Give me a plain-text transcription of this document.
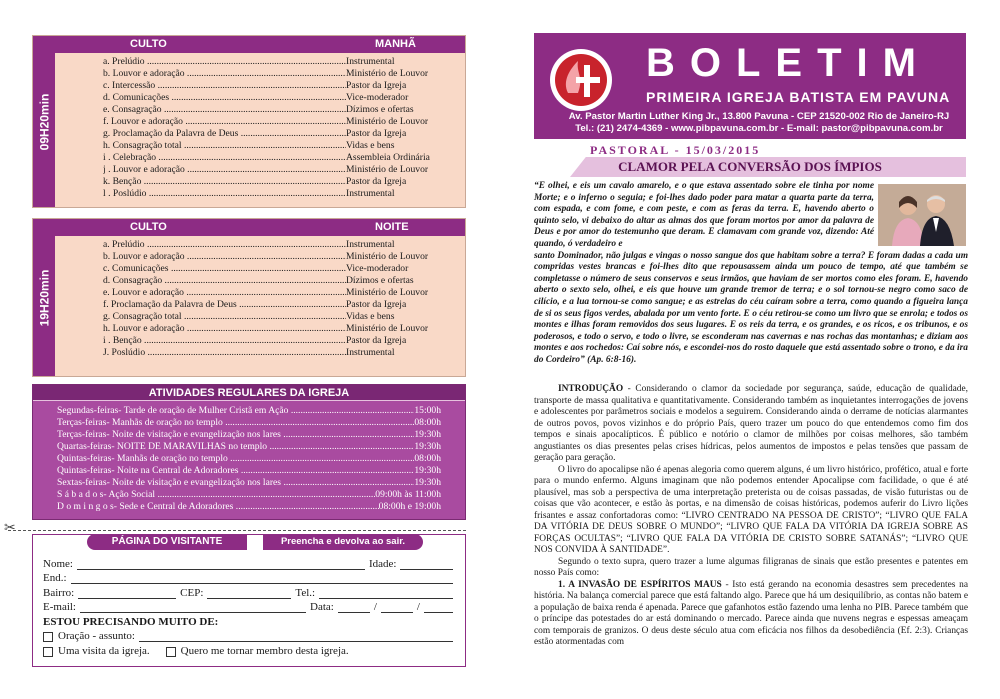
09H20min
CULTO	MANHÃ
a. Prelúdio .....	Instrumental
b. Louvor e adoração .....	Ministério de Louvor
c. Intercessão .....	Pastor da Igreja
d. Comunicações .....	Vice-moderador
e. Consagração .....	Dízimos e ofertas
f. Louvor e adoração .....	Ministério de Louvor
g. Proclamação da Palavra de Deus .....	Pastor da Igreja
h. Consagração total .....	Vidas e bens
i . Celebração .....	Assembleia Ordinária
j . Louvor e adoração .....	Ministério de Louvor
k. Benção .....	Pastor da Igreja
l . Poslúdio .....	Instrumental
19H20min
CULTO	NOITE
a. Prelúdio .....	Instrumental
b. Louvor e adoração .....	Ministério de Louvor
c. Comunicações .....	Vice-moderador
d. Consagração .....	Dízimos e ofertas
e. Louvor e adoração .....	Ministério de Louvor
f. Proclamação da Palavra de Deus .....	Pastor da Igreja
g. Consagração total .....	Vidas e bens
h. Louvor e adoração .....	Ministério de Louvor
i . Benção .....	Pastor da Igreja
J. Poslúdio .....	Instrumental
ATIVIDADES REGULARES DA IGREJA
Segundas-feiras - Tarde de oração de Mulher Cristã em Ação .....	15:00h
Terças-feiras - Manhãs de oração no templo .....	08:00h
Terças-feiras - Noite de visitação e evangelização nos lares .....	19:30h
Quartas-feiras - NOITE DE MARAVILHAS no templo .....	19:30h
Quintas-feiras - Manhãs de oração no templo .....	08:00h
Quintas-feiras - Noite na Central de Adoradores .....	19:30h
Sextas-feiras - Noite de visitação e evangelização nos lares .....	19:30h
S á b a d o s - Ação Social .....	09:00h às 11:00h
D o m i n g o s - Sede e Central de Adoradores .....	08:00h e 19:00h
✂
PÁGINA DO VISITANTE	Preencha e devolva ao sair.
Nome:	Idade:
End.:
Bairro:	CEP:	Tel.:
E-mail:	Data:	/	/
ESTOU PRECISANDO MUITO DE:
Oração - assunto:
Uma visita da igreja.	Quero me tornar membro desta igreja.
BOLETIM
PRIMEIRA IGREJA BATISTA EM PAVUNA
Av. Pastor Martin Luther King Jr., 13.800 Pavuna - CEP 21520-002 Rio de Janeiro-RJ
Tel.: (21) 2474-4369 - www.pibpavuna.com.br - E-mail: pastor@pibpavuna.com.br
PASTORAL - 15/03/2015
CLAMOR PELA CONVERSÃO DOS ÍMPIOS
“E olhei, e eis um cavalo amarelo, e o que estava assentado sobre ele tinha por nome Morte; e o inferno o seguia; e foi-lhes dado poder para matar a quarta parte da terra, com espada, e com fome, e com peste, e com as feras da terra. E, havendo aberto o quinto selo, vi debaixo do altar as almas dos que foram mortos por amor da palavra de Deus e por amor do testemunho que deram. E clamavam com grande voz, dizendo: Até quando, ó verdadeiro e
santo Dominador, não julgas e vingas o nosso sangue dos que habitam sobre a terra? E foram dadas a cada um compridas vestes brancas e foi-lhes dito que repousassem ainda um pouco de tempo, até que também se completasse o número de seus conservos e seus irmãos, que haviam de ser mortos como eles foram. E, havendo aberto o sexto selo, olhei, e eis que houve um grande tremor de terra; e o sol tornou-se negro como saco de cilício, e a lua tornou-se como sangue; e as estrelas do céu caíram sobre a terra, como quando a figueira lança de si os seus figos verdes, abalada por um vento forte. E o céu retirou-se como um livro que se enrola; e todos os montes e ilhas foram removidos dos seus lugares. E os reis da terra, e os grandes, e os ricos, e os tribunos, e os poderosos, e todo o servo, e todo o livre, se esconderam nas cavernas e nas rochas das montanhas; e diziam aos montes e aos rochedos: Caí sobre nós, e escondei-nos do rosto daquele que está assentado sobre o trono, e da ira do Cordeiro” (Ap. 6:8-16).

INTRODUÇÃO - Considerando o clamor da sociedade por segurança, saúde, educação de qualidade, transporte de massa qualitativa e quantitativamente. Considerando também as inquietantes interrogações de jovens e adolescentes por parâmetros sociais e modelos a seguirem. Considerando ainda o derrame de notícias alarmantes de outros povos, povos vizinhos e do próprio País, quero trazer um pouco do que entendemos como fim dos tempos e sinais apocalípticos. É público e notório o clamor de milhões por coisas melhores, são também angustiantes os dias presentes pelas crises hídricas, pelos aumentos de impostos e pelas tensões que passam de geração para geração.

O livro do apocalipse não é apenas alegoria como querem alguns, é um livro histórico, profético, atual e forte para o mundo enfermo. Alguns imaginam que não podemos entender Apocalipse com facilidade, o que é até plausível, mas sob a perspectiva de uma interpretação preterista ou de coisas passadas, de visão futuristas ou de coisas que vão acontecer, e estão às portas, e na dimensão de coisas históricas, podemos auferir do Livro lições frisantes e assaz confortadoras como: “LIVRO CENTRADO NA PESSOA DE CRISTO”; “LIVRO QUE FALA DA VITÓRIA DE DEUS SOBRE O MUNDO”; “LIVRO QUE FALA DA VITÓRIA DA IGREJA SOBRE AS FORÇAS OCULTAS”; “LIVRO QUE FALA DA VITÓRIA DE CRISTO SOBRE SATANÁS”; “LIVRO QUE NOS CONVIDA À SANTIDADE”.

Segundo o texto supra, quero trazer a lume algumas filigranas de sinais que estão presentes e patentes em nosso País como:

1. A INVASÃO DE ESPÍRITOS MAUS - Isto está gerando na economia desastres sem precedentes na história. Na balança comercial parece que está faltando algo. Parece que há um desiquilíbrio, as contas não batem e a população de baixa renda é apenada. Parece que gafanhotos estão fazendo uma lenha no PIB. Parece também que o príncipe das potestades do ar está dominando o mercado. Parece ainda que nuvens negras e espessas ameaçam com temporais de granizos. O deus deste século atua com eficácia nos filhos da desobediência (Ef. 2:3). Crianças estão atormentadas com
